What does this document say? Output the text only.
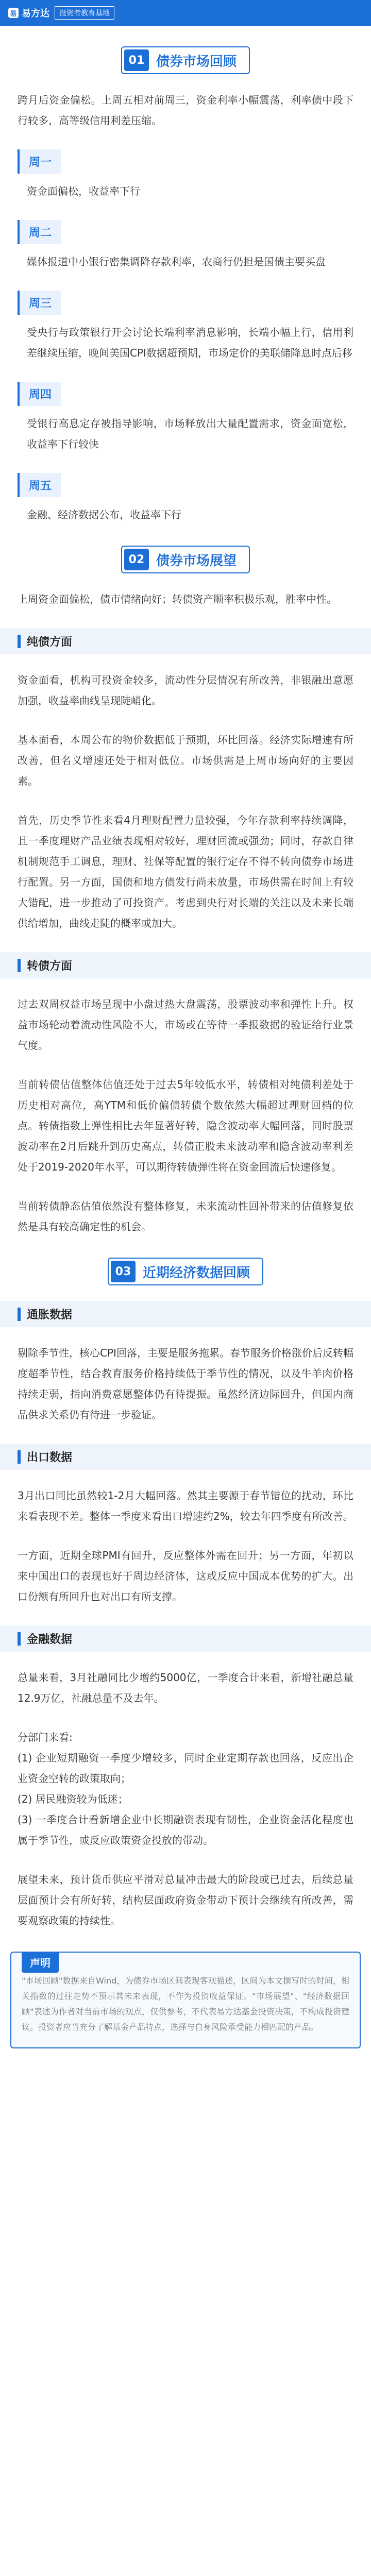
易 易方达	投资者教育基地
01 债券市场回顾

跨月后资金偏松。上周五相对前周三，资金利率小幅震荡，利率债中段下行较多，高等级信用利差压缩。

周一

资金面偏松，收益率下行

周二

媒体报道中小银行密集调降存款利率，农商行仍担是国债主要买盘

周三

受央行与政策银行开会讨论长端利率消息影响，长端小幅上行，信用利差继续压缩，晚间美国CPI数据超预期，市场定价的美联储降息时点后移

周四

受银行高息定存被指导影响，市场释放出大量配置需求，资金面宽松，收益率下行较快

周五

金融、经济数据公布，收益率下行

02 债券市场展望

上周资金面偏松，债市情绪向好；转债资产顺率积极乐观，胜率中性。

纯债方面

资金面看，机构可投资金较多，流动性分层情况有所改善，非银融出意愿加强，收益率曲线呈现陡峭化。

基本面看，本周公布的物价数据低于预期，环比回落。经济实际增速有所改善，但名义增速还处于相对低位。市场供需是上周市场向好的主要因素。

首先，历史季节性来看4月理财配置力量较强，今年存款利率持续调降，且一季度理财产品业绩表现相对较好，理财回流或强劲；同时，存款自律机制规范手工调息，理财、社保等配置的银行定存不得不转向债券市场进行配置。另一方面，国债和地方债发行尚未放量，市场供需在时间上有较大错配，进一步推动了可投资产。考虑到央行对长端的关注以及未来长端供给增加，曲线走陡的概率或加大。

转债方面

过去双周权益市场呈现中小盘过热大盘震荡，股票波动率和弹性上升。权益市场轮动着流动性风险不大，市场或在等待一季报数据的验证给行业景气度。

当前转债估值整体估值还处于过去5年较低水平，转债相对纯债利差处于历史相对高位，高YTM和低价偏债转债个数依然大幅超过理财回档的位点。转债指数上弹性相比去年显著好转，隐含波动率大幅回落，同时股票波动率在2月后跳升到历史高点，转债正股未来波动率和隐含波动率利差处于2019-2020年水平，可以期待转债弹性将在资金回流后快速修复。

当前转债静态估值依然没有整体修复，未来流动性回补带来的估值修复依然是具有较高确定性的机会。

03 近期经济数据回顾
通胀数据

剔除季节性，核心CPI回落，主要是服务拖累。春节服务价格涨价后反转幅度超季节性，结合教育服务价格持续低于季节性的情况，以及牛羊肉价格持续走弱，指向消费意愿整体仍有待提振。虽然经济边际回升，但国内商品供求关系仍有待进一步验证。

出口数据

3月出口同比虽然较1-2月大幅回落。然其主要源于春节错位的扰动，环比来看表现不差。整体一季度来看出口增速约2%，较去年四季度有所改善。

一方面，近期全球PMI有回升，反应整体外需在回升；另一方面，年初以来中国出口的表现也好于周边经济体，这或反应中国成本优势的扩大。出口份额有所回升也对出口有所支撑。

金融数据

总量来看，3月社融同比少增约5000亿，一季度合计来看，新增社融总量12.9万亿，社融总量不及去年。

分部门来看:
(1) 企业短期融资一季度少增较多，同时企业定期存款也回落，反应出企业资金空转的政策取向；
(2) 居民融资较为低迷；
(3) 一季度合计看新增企业中长期融资表现有韧性，企业资金活化程度也属于季节性，或反应政策资金投放的带动。

展望未来，预计货币供应平滑对总量冲击最大的阶段或已过去，后续总量层面预计会有所好转，结构层面政府资金带动下预计会继续有所改善，需要观察政策的持续性。

声明

"市场回顾"数据来自Wind，为债券市场区间表现客观描述，区间为本文撰写时的时间，相关指数的过往走势不预示其未来表现，不作为投资收益保证。"市场展望"、"经济数据回顾"表述为作者对当前市场的观点，仅供参考，不代表易方达基金投资决策，不构成投资建议。投资者应当充分了解基金产品特点，选择与自身风险承受能力相匹配的产品。
